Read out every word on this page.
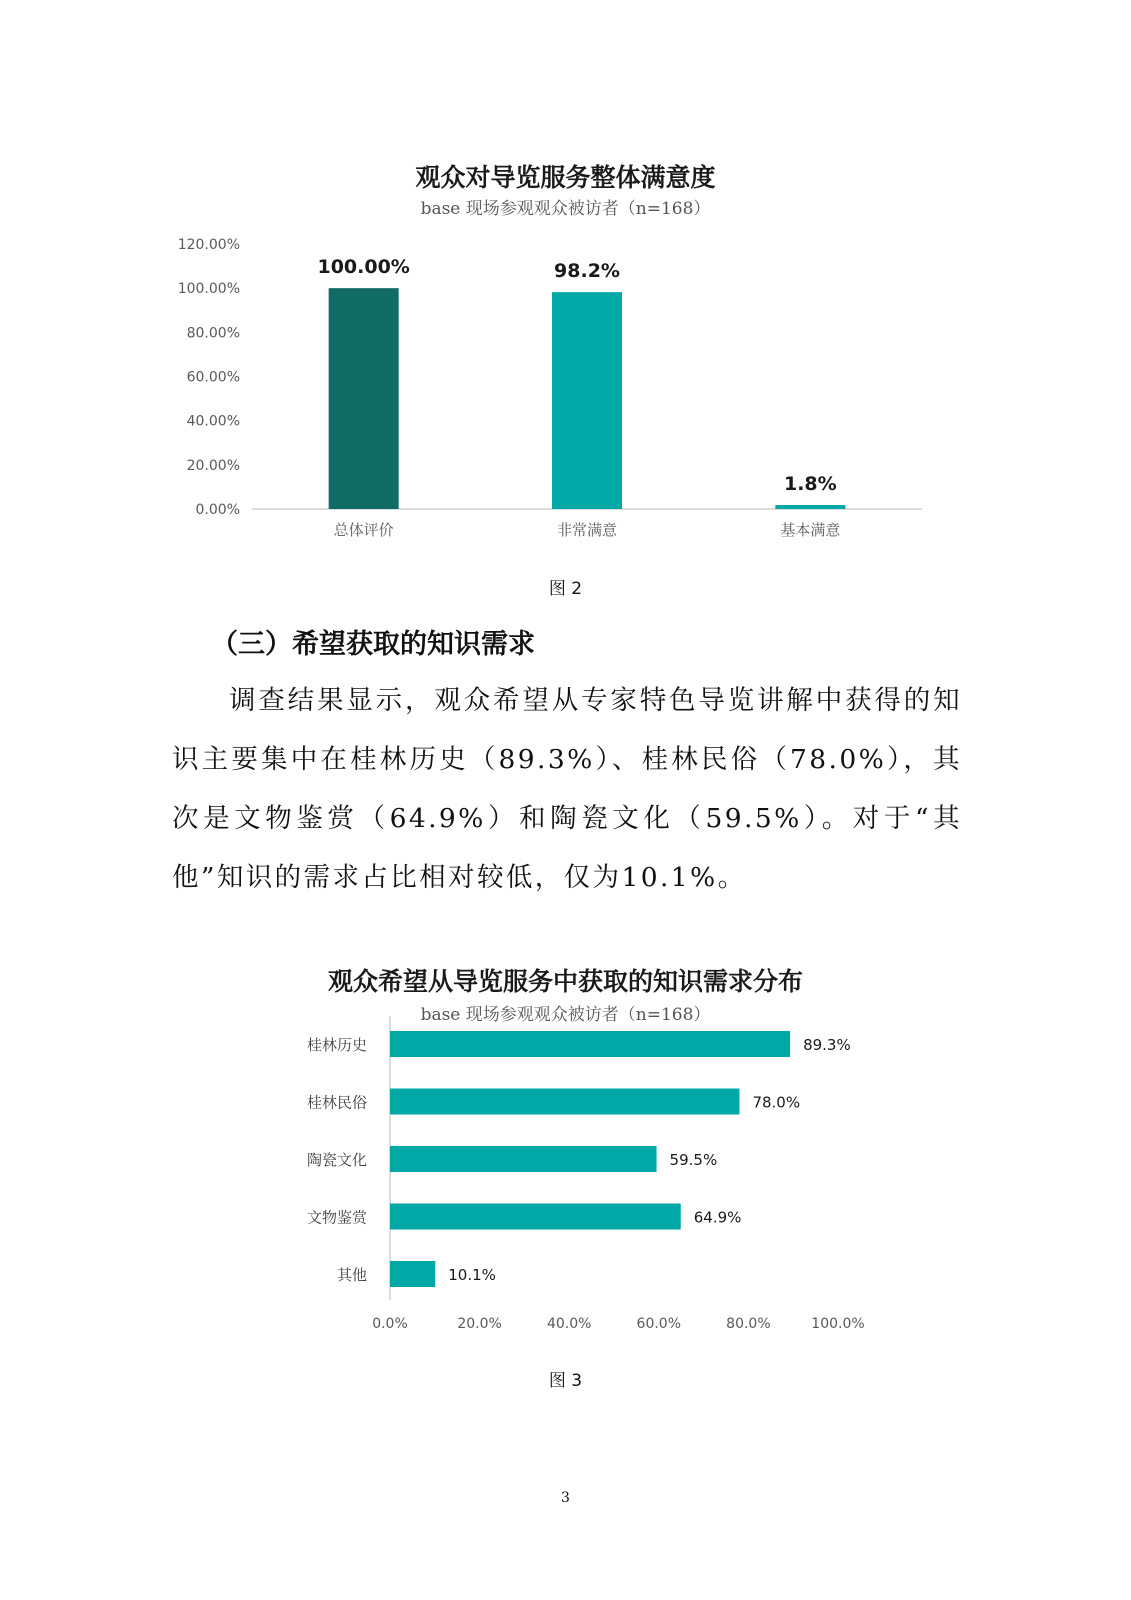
观众对导览服务整体满意度
base 现场参观观众被访者（n=168）
0.00%
20.00%
40.00%
60.00%
80.00%
100.00%
120.00%
100.00%
总体评价
98.2%
非常满意
1.8%
基本满意
图 2
（三）希望获取的知识需求
调查结果显示，观众希望从专家特色导览讲解中获得的知识主要集中在桂林历史（89.3%）、桂林民俗（78.0%），其次是文物鉴赏（64.9%）和陶瓷文化（59.5%）。对于“其他”知识的需求占比相对较低，仅为10.1%。
观众希望从导览服务中获取的知识需求分布
base 现场参观观众被访者（n=168）
89.3%
桂林历史
78.0%
桂林民俗
59.5%
陶瓷文化
64.9%
文物鉴赏
10.1%
其他
0.0%	20.0%	40.0%	60.0%	80.0%	100.0%
图 3
3
